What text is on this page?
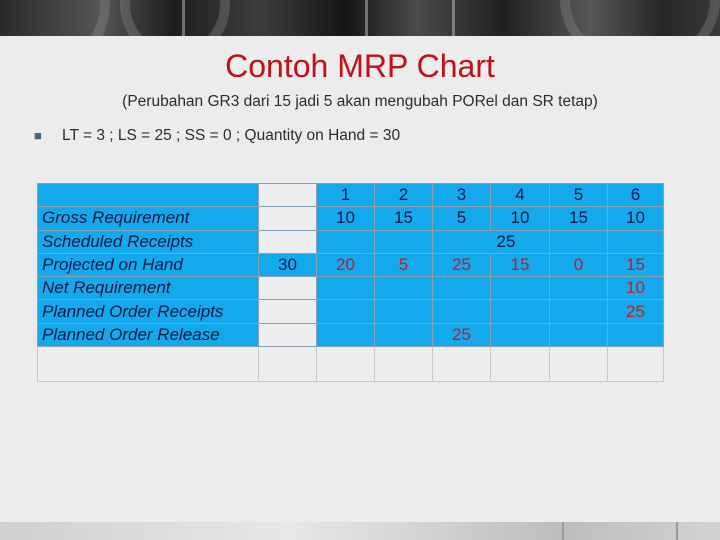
Contoh MRP Chart
(Perubahan GR3 dari 15 jadi 5 akan mengubah PORel dan SR tetap)
■ LT = 3 ; LS = 25 ; SS = 0 ; Quantity on Hand = 30
		1	2	3	4	5	6
Gross Requirement		10	15	5	10	15	10
Scheduled Receipts				25			
Projected on Hand	30	20	5	25	15	0	15
Net Requirement							10
Planned Order Receipts							25
Planned Order Release				25			
